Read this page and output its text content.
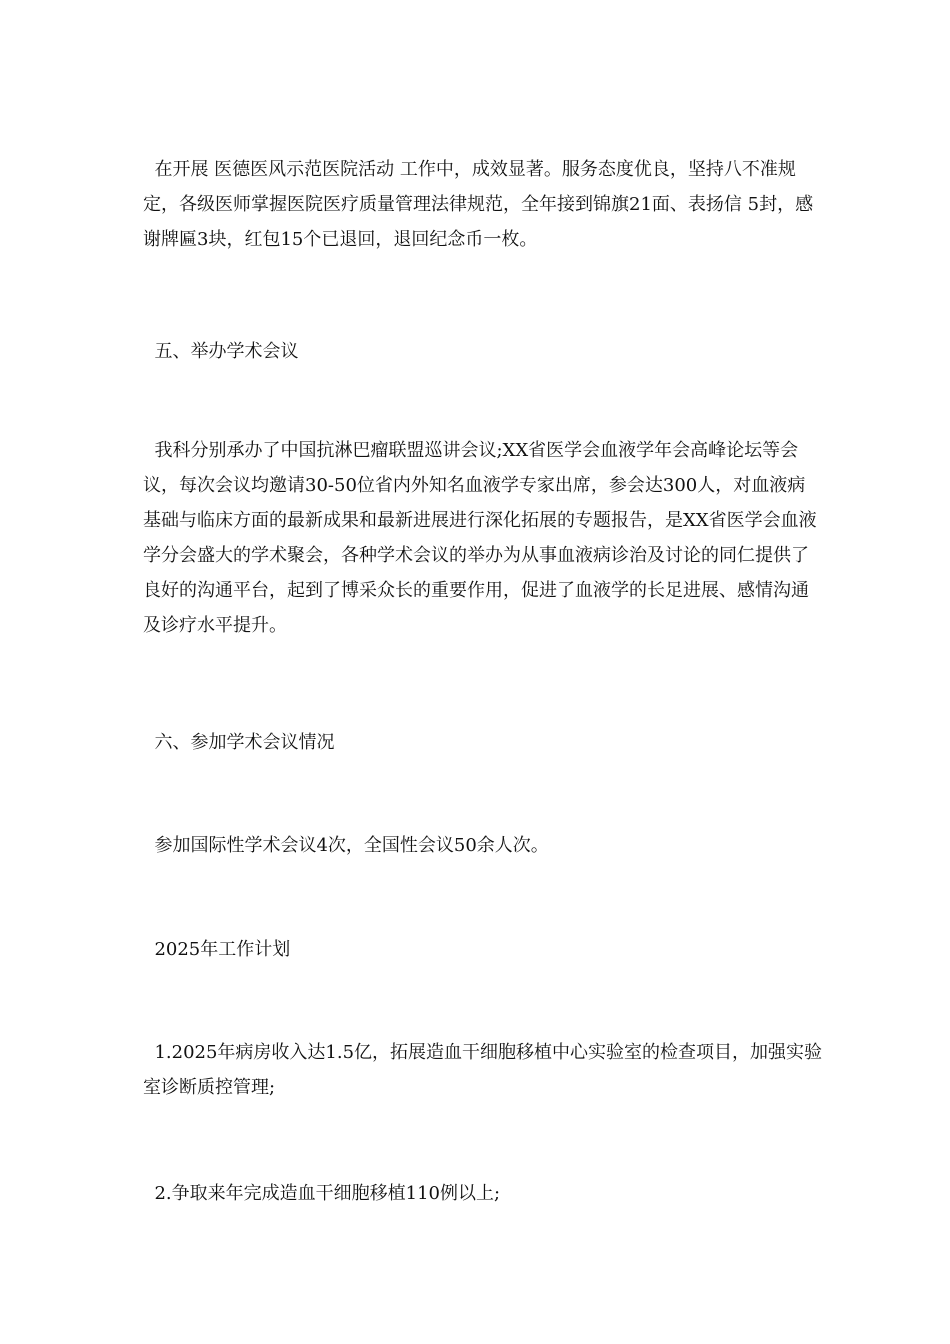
在开展 医德医风示范医院活动 工作中，成效显著。服务态度优良，坚持八不准规定，各级医师掌握医院医疗质量管理法律规范，全年接到锦旗21面、表扬信 5封，感谢牌匾3块，红包15个已退回，退回纪念币一枚。

五、举办学术会议

我科分别承办了中国抗淋巴瘤联盟巡讲会议;XX省医学会血液学年会高峰论坛等会议，每次会议均邀请30-50位省内外知名血液学专家出席，参会达300人，对血液病基础与临床方面的最新成果和最新进展进行深化拓展的专题报告，是XX省医学会血液学分会盛大的学术聚会，各种学术会议的举办为从事血液病诊治及讨论的同仁提供了良好的沟通平台，起到了博采众长的重要作用，促进了血液学的长足进展、感情沟通及诊疗水平提升。

六、参加学术会议情况

参加国际性学术会议4次，全国性会议50余人次。

2025年工作计划

1.2025年病房收入达1.5亿，拓展造血干细胞移植中心实验室的检查项目，加强实验室诊断质控管理;

2.争取来年完成造血干细胞移植110例以上;
